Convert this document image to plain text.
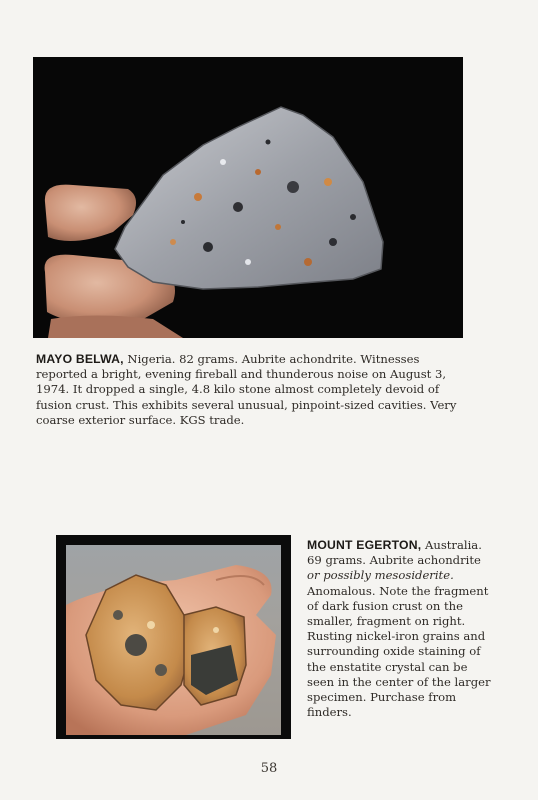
MAYO BELWA, Nigeria. 82 grams. Aubrite achondrite. Witnesses reported a bright, evening fireball and thunderous noise on August 3, 1974. It dropped a single, 4.8 kilo stone almost completely devoid of fusion crust. This exhibits several unusual, pinpoint-sized cavities. Very coarse exterior surface. KGS trade.
MOUNT EGERTON, Australia. 69 grams. Aubrite achondrite or possibly mesosiderite. Anomalous. Note the fragment of dark fusion crust on the smaller, fragment on right. Rusting nickel-iron grains and surrounding oxide staining of the enstatite crystal can be seen in the center of the larger specimen. Purchase from finders.
58
